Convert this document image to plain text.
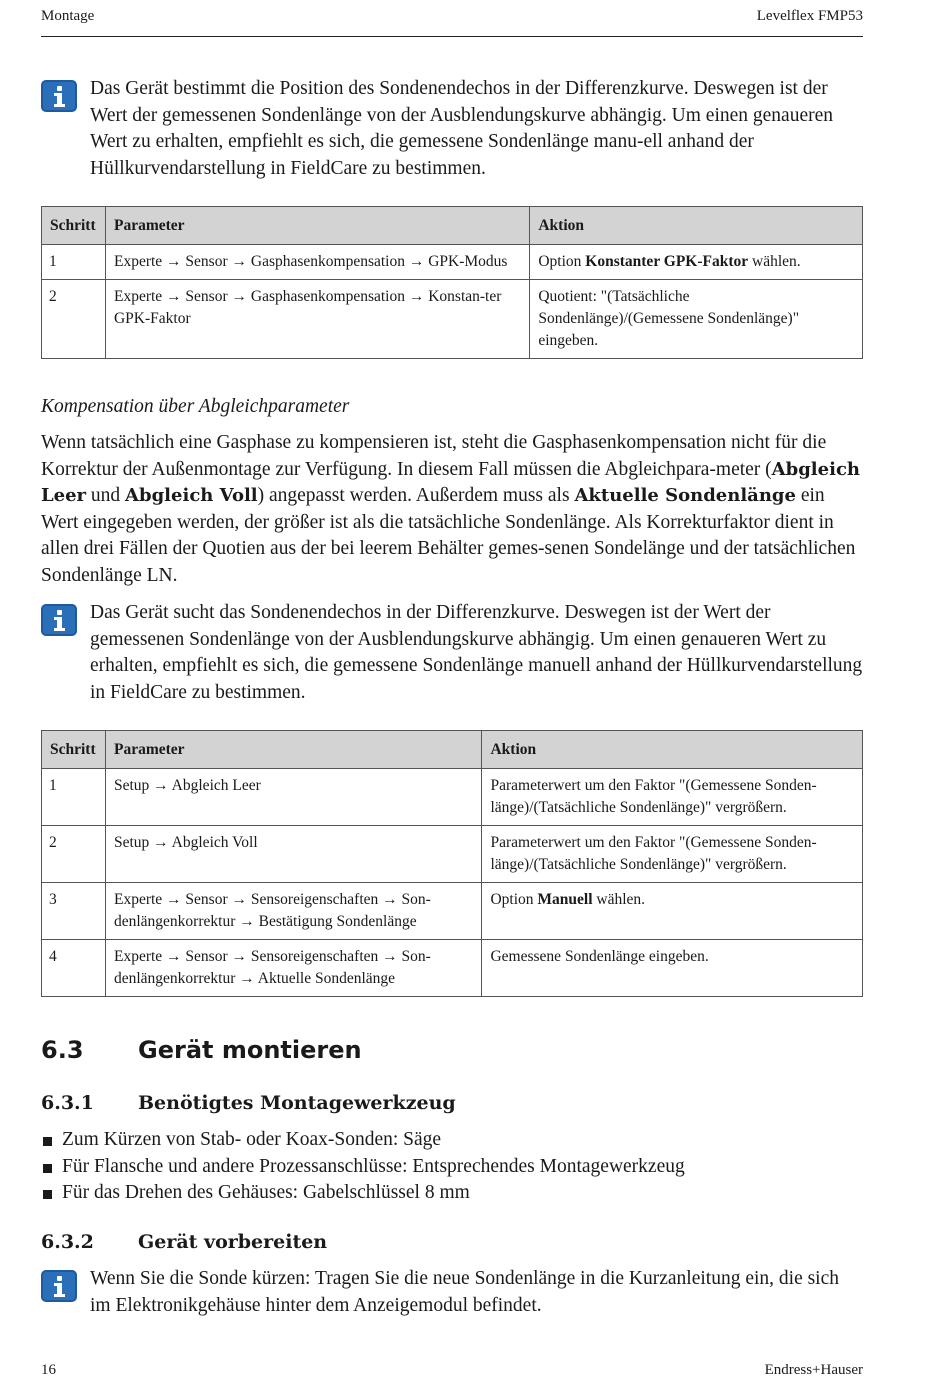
Montage	Levelflex FMP53
Das Gerät bestimmt die Position des Sondenendechos in der Differenzkurve. Deswegen ist der Wert der gemessenen Sondenlänge von der Ausblendungskurve abhängig. Um einen genaueren Wert zu erhalten, empfiehlt es sich, die gemessene Sondenlänge manu-ell anhand der Hüllkurvendarstellung in FieldCare zu bestimmen.
Schritt	Parameter	Aktion
1	Experte → Sensor → Gasphasenkompensation → GPK-Modus	Option Konstanter GPK-Faktor wählen.
2	Experte → Sensor → Gasphasenkompensation → Konstan-ter GPK-Faktor	Quotient: "(Tatsächliche Sondenlänge)/(Gemessene Sondenlänge)" eingeben.
Kompensation über Abgleichparameter
Wenn tatsächlich eine Gasphase zu kompensieren ist, steht die Gasphasenkompensation nicht für die Korrektur der Außenmontage zur Verfügung. In diesem Fall müssen die Abgleichpara-meter (Abgleich Leer und Abgleich Voll) angepasst werden. Außerdem muss als Aktuelle Sondenlänge ein Wert eingegeben werden, der größer ist als die tatsächliche Sondenlänge. Als Korrekturfaktor dient in allen drei Fällen der Quotien aus der bei leerem Behälter gemes-senen Sondelänge und der tatsächlichen Sondenlänge LN.
Das Gerät sucht das Sondenendechos in der Differenzkurve. Deswegen ist der Wert der gemessenen Sondenlänge von der Ausblendungskurve abhängig. Um einen genaueren Wert zu erhalten, empfiehlt es sich, die gemessene Sondenlänge manuell anhand der Hüllkurvendarstellung in FieldCare zu bestimmen.
Schritt	Parameter	Aktion
1	Setup → Abgleich Leer	Parameterwert um den Faktor "(Gemessene Sonden-länge)/(Tatsächliche Sondenlänge)" vergrößern.
2	Setup → Abgleich Voll	Parameterwert um den Faktor "(Gemessene Sonden-länge)/(Tatsächliche Sondenlänge)" vergrößern.
3	Experte → Sensor → Sensoreigenschaften → Son-denlängenkorrektur → Bestätigung Sondenlänge	Option Manuell wählen.
4	Experte → Sensor → Sensoreigenschaften → Son-denlängenkorrektur → Aktuelle Sondenlänge	Gemessene Sondenlänge eingeben.
6.3 Gerät montieren
6.3.1 Benötigtes Montagewerkzeug
Zum Kürzen von Stab- oder Koax-Sonden: Säge
Für Flansche und andere Prozessanschlüsse: Entsprechendes Montagewerkzeug
Für das Drehen des Gehäuses: Gabelschlüssel 8 mm
6.3.2 Gerät vorbereiten
Wenn Sie die Sonde kürzen: Tragen Sie die neue Sondenlänge in die Kurzanleitung ein, die sich im Elektronikgehäuse hinter dem Anzeigemodul befindet.
16	Endress+Hauser
